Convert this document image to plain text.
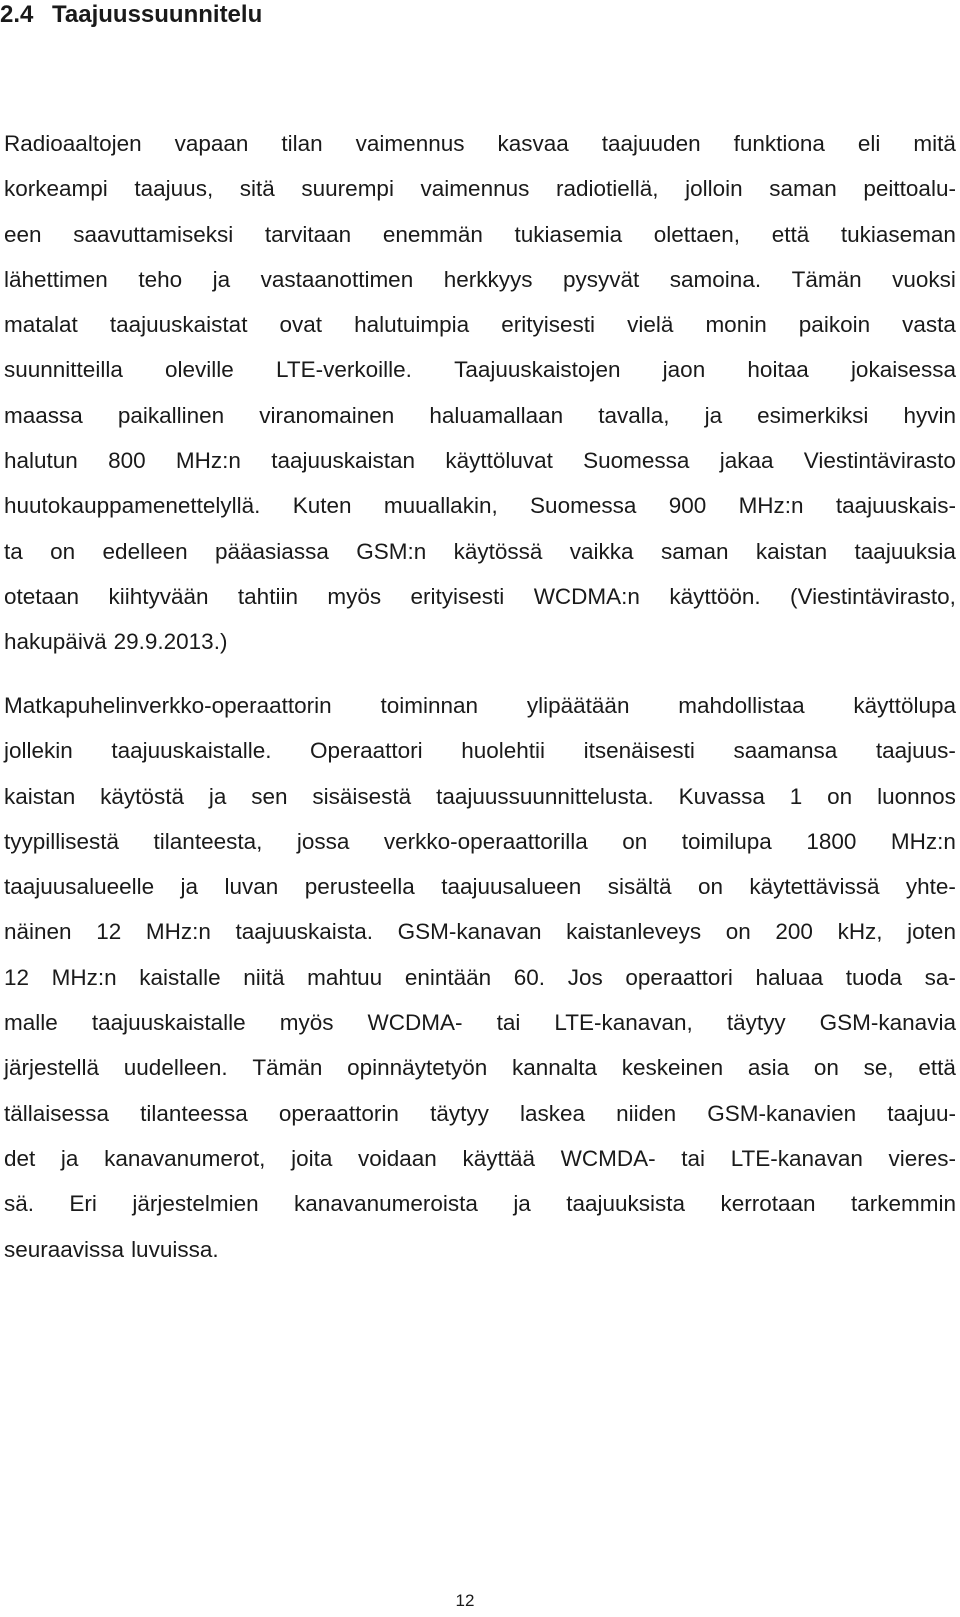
2.4 Taajuussuunnitelu
Radioaaltojen vapaan tilan vaimennus kasvaa taajuuden funktiona eli mitä
korkeampi taajuus, sitä suurempi vaimennus radiotiellä, jolloin saman peittoalu-
een saavuttamiseksi tarvitaan enemmän tukiasemia olettaen, että tukiaseman
lähettimen teho ja vastaanottimen herkkyys pysyvät samoina. Tämän vuoksi
matalat taajuuskaistat ovat halutuimpia erityisesti vielä monin paikoin vasta
suunnitteilla oleville LTE-verkoille. Taajuuskaistojen jaon hoitaa jokaisessa
maassa paikallinen viranomainen haluamallaan tavalla, ja esimerkiksi hyvin
halutun 800 MHz:n taajuuskaistan käyttöluvat Suomessa jakaa Viestintävirasto
huutokauppamenettelyllä. Kuten muuallakin, Suomessa 900 MHz:n taajuuskais-
ta on edelleen pääasiassa GSM:n käytössä vaikka saman kaistan taajuuksia
otetaan kiihtyvään tahtiin myös erityisesti WCDMA:n käyttöön. (Viestintävirasto,
hakupäivä 29.9.2013.)
Matkapuhelinverkko-operaattorin toiminnan ylipäätään mahdollistaa käyttölupa
jollekin taajuuskaistalle. Operaattori huolehtii itsenäisesti saamansa taajuus-
kaistan käytöstä ja sen sisäisestä taajuussuunnittelusta. Kuvassa 1 on luonnos
tyypillisestä tilanteesta, jossa verkko-operaattorilla on toimilupa 1800 MHz:n
taajuusalueelle ja luvan perusteella taajuusalueen sisältä on käytettävissä yhte-
näinen 12 MHz:n taajuuskaista. GSM-kanavan kaistanleveys on 200 kHz, joten
12 MHz:n kaistalle niitä mahtuu enintään 60. Jos operaattori haluaa tuoda sa-
malle taajuuskaistalle myös WCDMA- tai LTE-kanavan, täytyy GSM-kanavia
järjestellä uudelleen. Tämän opinnäytetyön kannalta keskeinen asia on se, että
tällaisessa tilanteessa operaattorin täytyy laskea niiden GSM-kanavien taajuu-
det ja kanavanumerot, joita voidaan käyttää WCMDA- tai LTE-kanavan vieres-
sä. Eri järjestelmien kanavanumeroista ja taajuuksista kerrotaan tarkemmin
seuraavissa luvuissa.
12
